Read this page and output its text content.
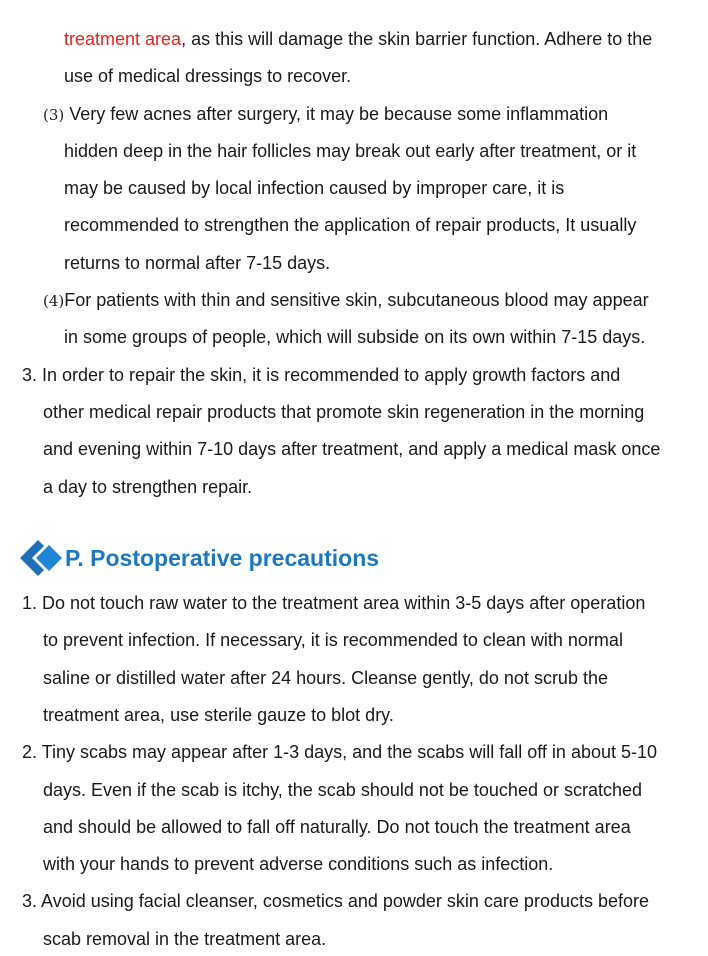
treatment area, as this will damage the skin barrier function. Adhere to the
use of medical dressings to recover.
(3) Very few acnes after surgery, it may be because some inflammation
hidden deep in the hair follicles may break out early after treatment, or it
may be caused by local infection caused by improper care, it is
recommended to strengthen the application of repair products, It usually
returns to normal after 7-15 days.
(4)For patients with thin and sensitive skin, subcutaneous blood may appear
in some groups of people, which will subside on its own within 7-15 days.
3. In order to repair the skin, it is recommended to apply growth factors and
other medical repair products that promote skin regeneration in the morning
and evening within 7-10 days after treatment, and apply a medical mask once
a day to strengthen repair.
P. Postoperative precautions
1. Do not touch raw water to the treatment area within 3-5 days after operation
to prevent infection. If necessary, it is recommended to clean with normal
saline or distilled water after 24 hours. Cleanse gently, do not scrub the
treatment area, use sterile gauze to blot dry.
2. Tiny scabs may appear after 1-3 days, and the scabs will fall off in about 5-10
days. Even if the scab is itchy, the scab should not be touched or scratched
and should be allowed to fall off naturally. Do not touch the treatment area
with your hands to prevent adverse conditions such as infection.
3. Avoid using facial cleanser, cosmetics and powder skin care products before
scab removal in the treatment area.
